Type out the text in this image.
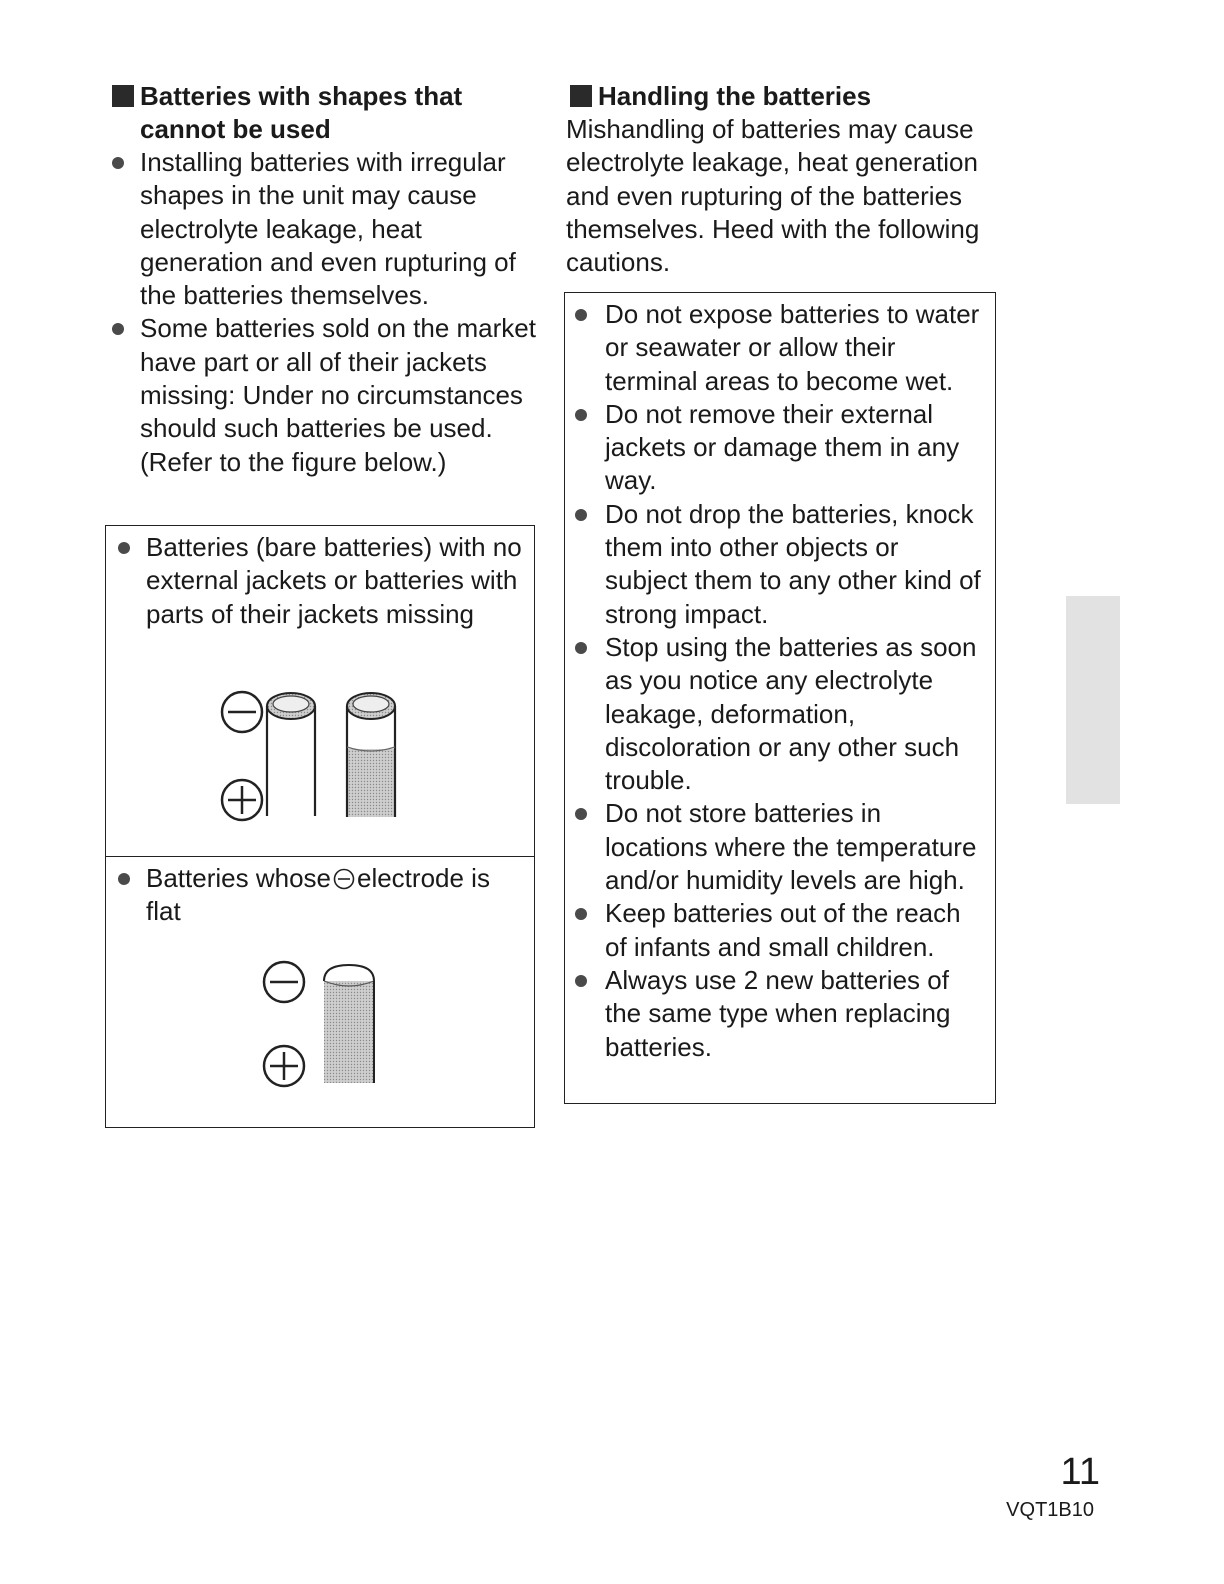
Batteries with shapes that cannot be used
Installing batteries with irregular shapes in the unit may cause electrolyte leakage, heat generation and even rupturing of the batteries themselves.
Some batteries sold on the market have part or all of their jackets missing: Under no circumstances should such batteries be used. (Refer to the figure below.)
Batteries (bare batteries) with no external jackets or batteries with parts of their jackets missing
Batteries whose electrode is flat
Handling the batteries

Mishandling of batteries may cause electrolyte leakage, heat generation and even rupturing of the batteries themselves. Heed with the following cautions.

Do not expose batteries to water or seawater or allow their terminal areas to become wet.
Do not remove their external jackets or damage them in any way.
Do not drop the batteries, knock them into other objects or subject them to any other kind of strong impact.
Stop using the batteries as soon as you notice any electrolyte leakage, deformation, discoloration or any other such trouble.
Do not store batteries in locations where the temperature and/or humidity levels are high.
Keep batteries out of the reach of infants and small children.
Always use 2 new batteries of the same type when replacing batteries.
11
VQT1B10
